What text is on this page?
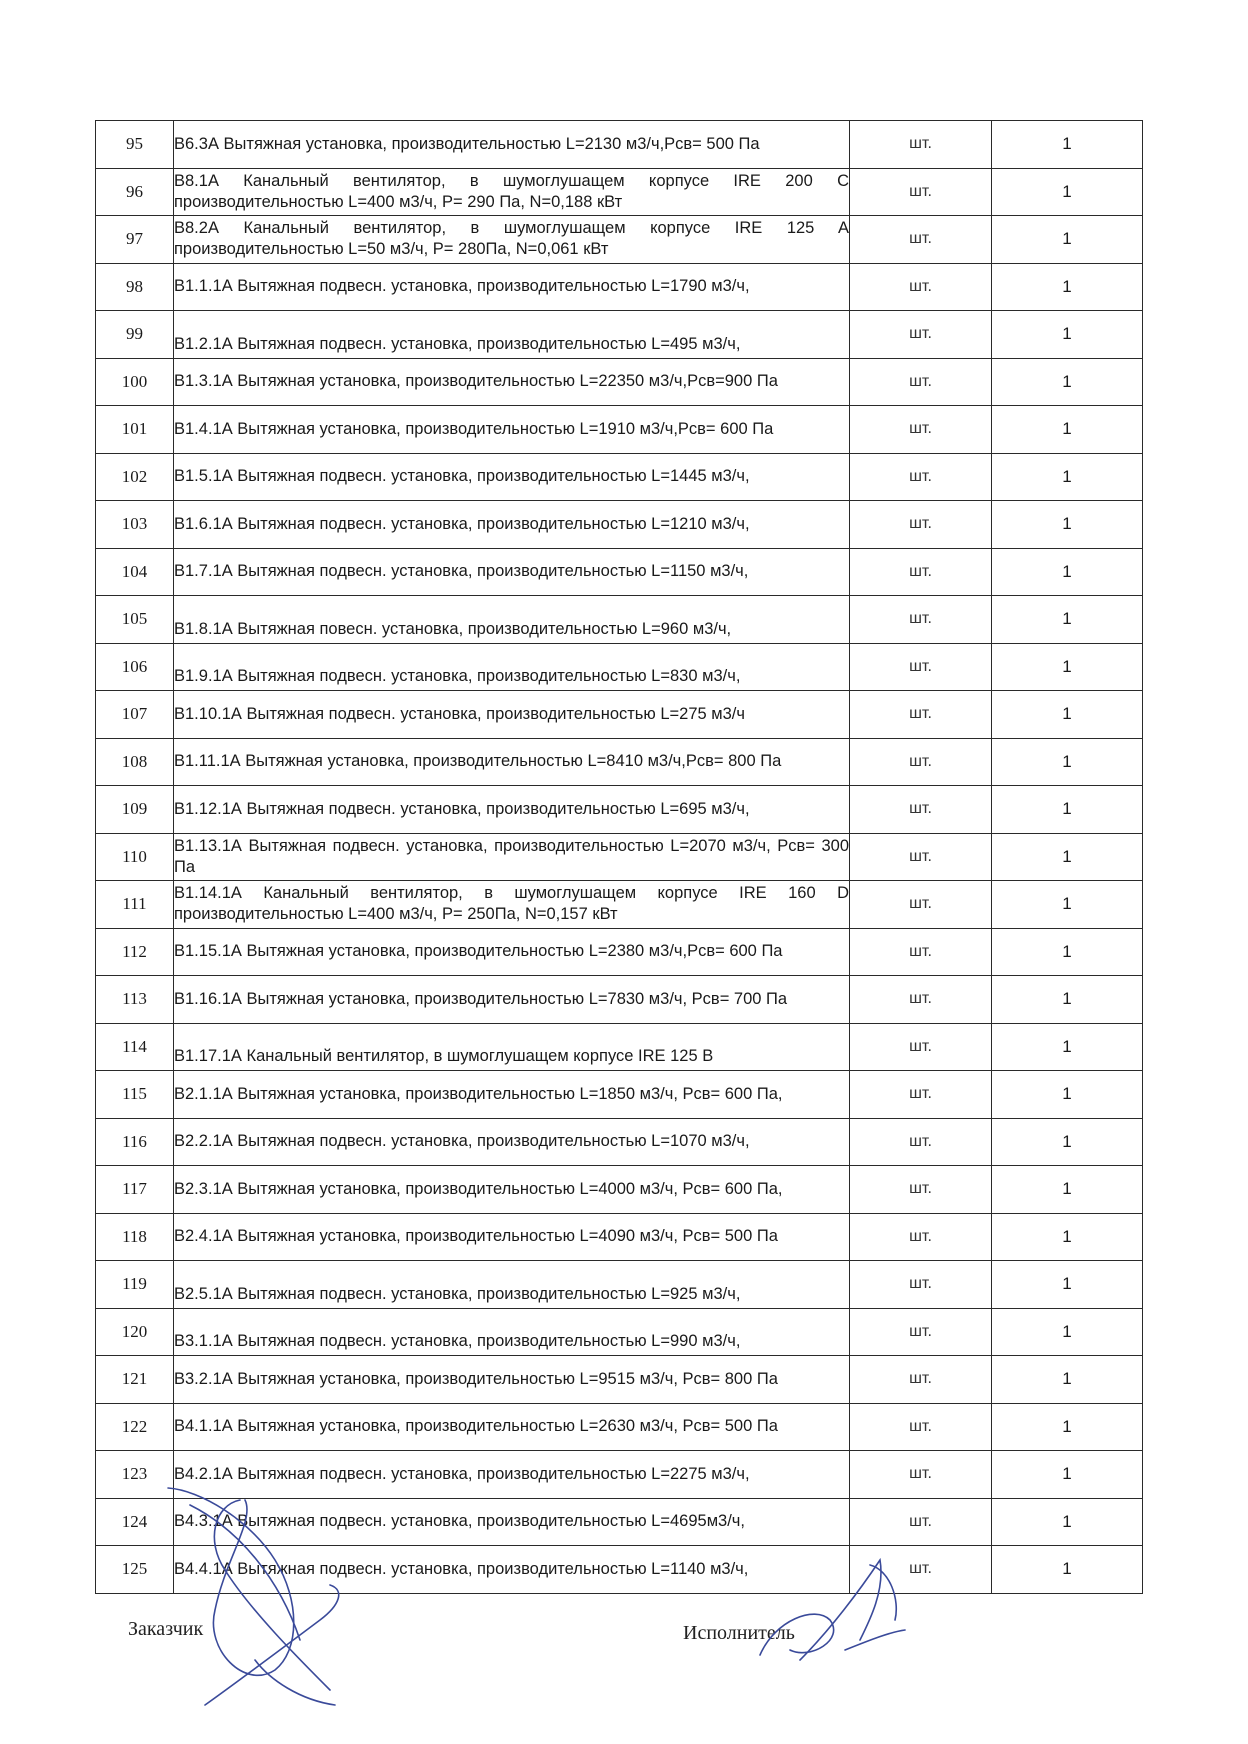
95	В6.3А Вытяжная установка, производительностью L=2130 м3/ч,Рсв= 500 Па	шт.	1
96	В8.1А Канальный вентилятор, в шумоглушащем корпусе IRE 200 C производительностью L=400 м3/ч, P= 290 Па, N=0,188 кВт	шт.	1
97	В8.2А Канальный вентилятор, в шумоглушащем корпусе IRE 125 A производительностью L=50 м3/ч, P= 280Па, N=0,061 кВт	шт.	1
98	В1.1.1А Вытяжная подвесн. установка, производительностью L=1790 м3/ч,	шт.	1
99	В1.2.1А Вытяжная подвесн. установка, производительностью L=495 м3/ч,	шт.	1
100	В1.3.1А Вытяжная установка, производительностью L=22350 м3/ч,Рсв=900 Па	шт.	1
101	В1.4.1А Вытяжная установка, производительностью L=1910 м3/ч,Рсв= 600 Па	шт.	1
102	В1.5.1А Вытяжная подвесн. установка, производительностью L=1445 м3/ч,	шт.	1
103	В1.6.1А Вытяжная подвесн. установка, производительностью L=1210 м3/ч,	шт.	1
104	В1.7.1А Вытяжная подвесн. установка, производительностью L=1150 м3/ч,	шт.	1
105	В1.8.1А Вытяжная повесн. установка, производительностью L=960 м3/ч,	шт.	1
106	В1.9.1А Вытяжная подвесн. установка, производительностью L=830 м3/ч,	шт.	1
107	В1.10.1А Вытяжная подвесн. установка, производительностью L=275 м3/ч	шт.	1
108	В1.11.1А Вытяжная установка, производительностью L=8410 м3/ч,Рсв= 800 Па	шт.	1
109	В1.12.1А Вытяжная подвесн. установка, производительностью L=695 м3/ч,	шт.	1
110	В1.13.1А Вытяжная подвесн. установка, производительностью L=2070 м3/ч, Рсв= 300 Па	шт.	1
111	В1.14.1А Канальный вентилятор, в шумоглушащем корпусе IRE 160 D производительностью L=400 м3/ч, P= 250Па, N=0,157 кВт	шт.	1
112	В1.15.1А Вытяжная установка, производительностью L=2380 м3/ч,Рсв= 600 Па	шт.	1
113	В1.16.1А Вытяжная установка, производительностью L=7830 м3/ч, Рсв= 700 Па	шт.	1
114	В1.17.1А Канальный вентилятор, в шумоглушащем корпусе IRE 125 B	шт.	1
115	В2.1.1А Вытяжная установка, производительностью L=1850 м3/ч, Рсв= 600 Па,	шт.	1
116	В2.2.1А Вытяжная подвесн. установка, производительностью L=1070 м3/ч,	шт.	1
117	В2.3.1А Вытяжная установка, производительностью L=4000 м3/ч, Рсв= 600 Па,	шт.	1
118	В2.4.1А Вытяжная установка, производительностью L=4090 м3/ч, Рсв= 500 Па	шт.	1
119	В2.5.1А Вытяжная подвесн. установка, производительностью L=925 м3/ч,	шт.	1
120	В3.1.1А Вытяжная подвесн. установка, производительностью L=990 м3/ч,	шт.	1
121	В3.2.1А Вытяжная установка, производительностью L=9515 м3/ч, Рсв= 800 Па	шт.	1
122	В4.1.1А Вытяжная установка, производительностью L=2630 м3/ч, Рсв= 500 Па	шт.	1
123	В4.2.1А Вытяжная подвесн. установка, производительностью L=2275 м3/ч,	шт.	1
124	В4.3.1А Вытяжная подвесн. установка, производительностью L=4695м3/ч,	шт.	1
125	В4.4.1А Вытяжная подвесн. установка, производительностью L=1140 м3/ч,	шт.	1
Заказчик	Исполнитель
